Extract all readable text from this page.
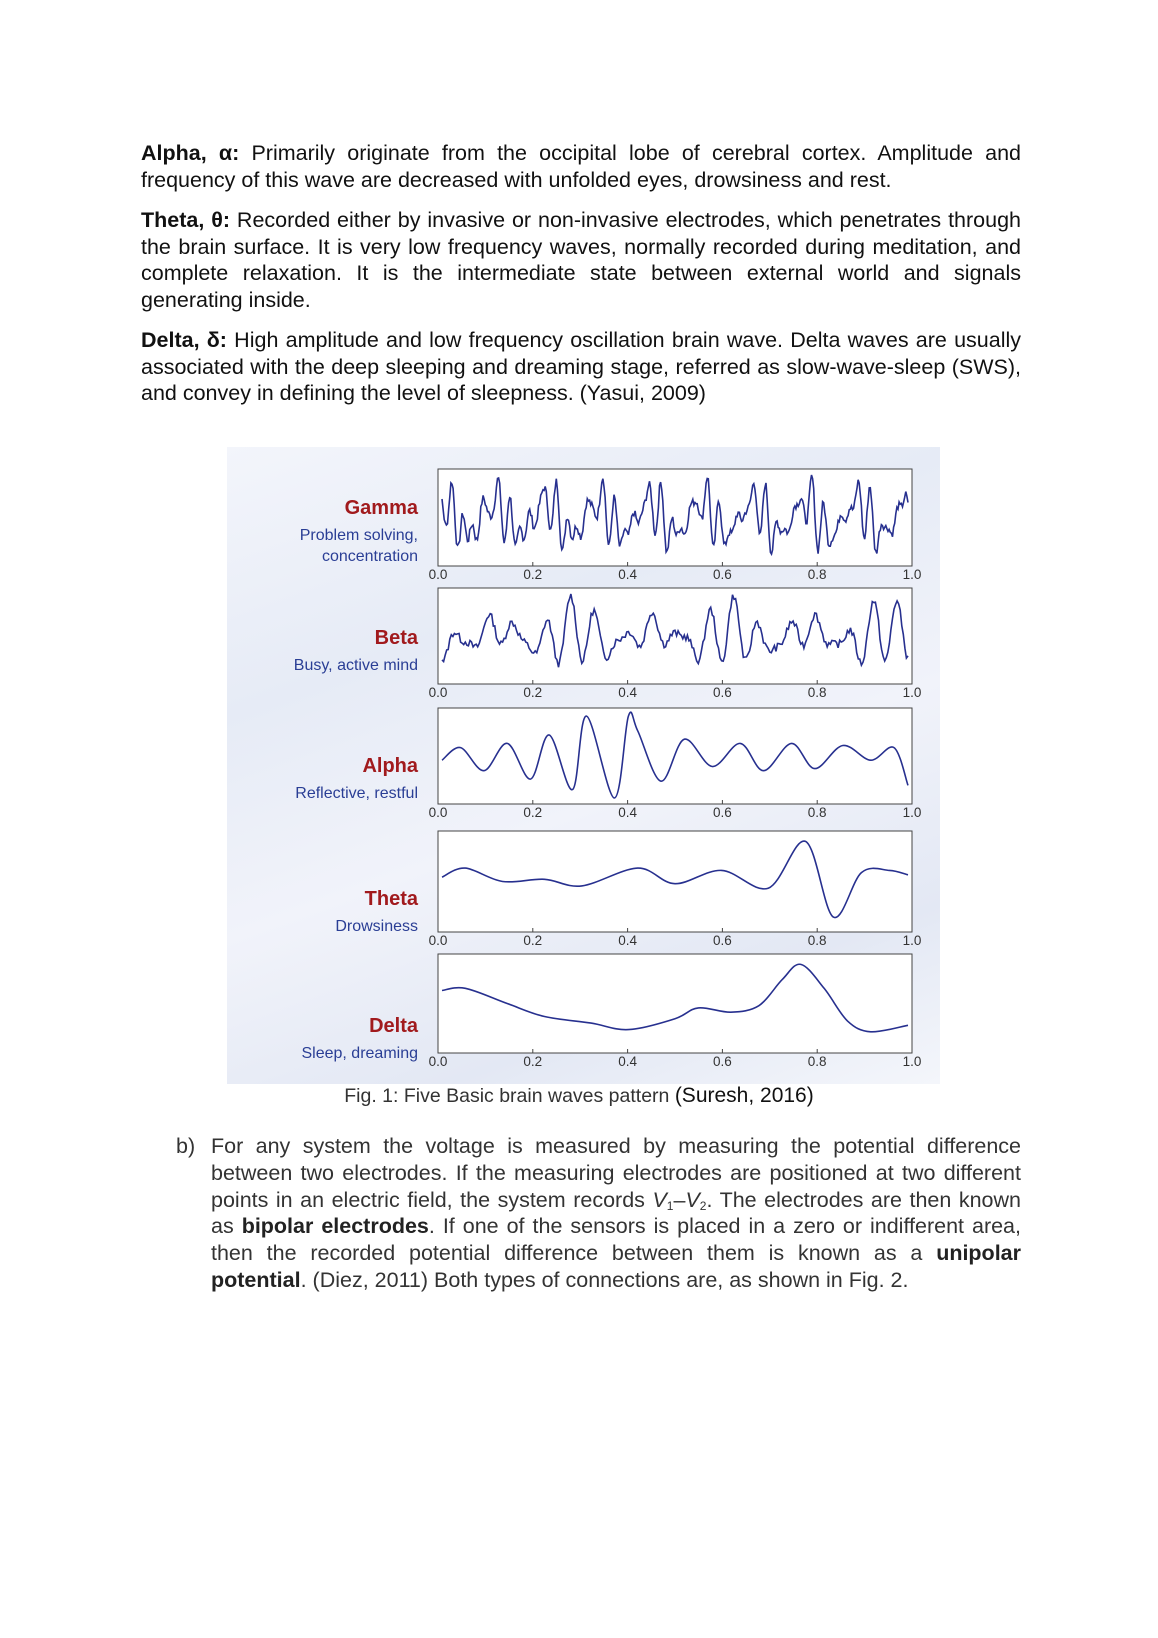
Alpha, α: Primarily originate from the occipital lobe of cerebral cortex. Amplitude and frequency of this wave are decreased with unfolded eyes, drowsiness and rest.

Theta, θ: Recorded either by invasive or non-invasive electrodes, which penetrates through the brain surface. It is very low frequency waves, normally recorded during meditation, and complete relaxation. It is the intermediate state between external world and signals generating inside.

Delta, δ: High amplitude and low frequency oscillation brain wave. Delta waves are usually associated with the deep sleeping and dreaming stage, referred as slow-wave-sleep (SWS), and convey in defining the level of sleepness. (Yasui, 2009)

0.0	0.2	0.4	0.6	0.8	1.0
Gamma
Problem solving,
concentration
0.0	0.2	0.4	0.6	0.8	1.0
Beta
Busy, active mind
0.0	0.2	0.4	0.6	0.8	1.0
Alpha
Reflective, restful
0.0	0.2	0.4	0.6	0.8	1.0
Theta
Drowsiness
0.0	0.2	0.4	0.6	0.8	1.0
Delta
Sleep, dreaming
Fig. 1: Five Basic brain waves pattern (Suresh, 2016)
b) For any system the voltage is measured by measuring the potential difference between two electrodes. If the measuring electrodes are positioned at two different points in an electric field, the system records $V_1-V_2$. The electrodes are then known as bipolar electrodes. If one of the sensors is placed in a zero or indifferent area, then the recorded potential difference between them is known as a unipolar potential. (Diez, 2011) Both types of connections are, as shown in Fig. 2.
